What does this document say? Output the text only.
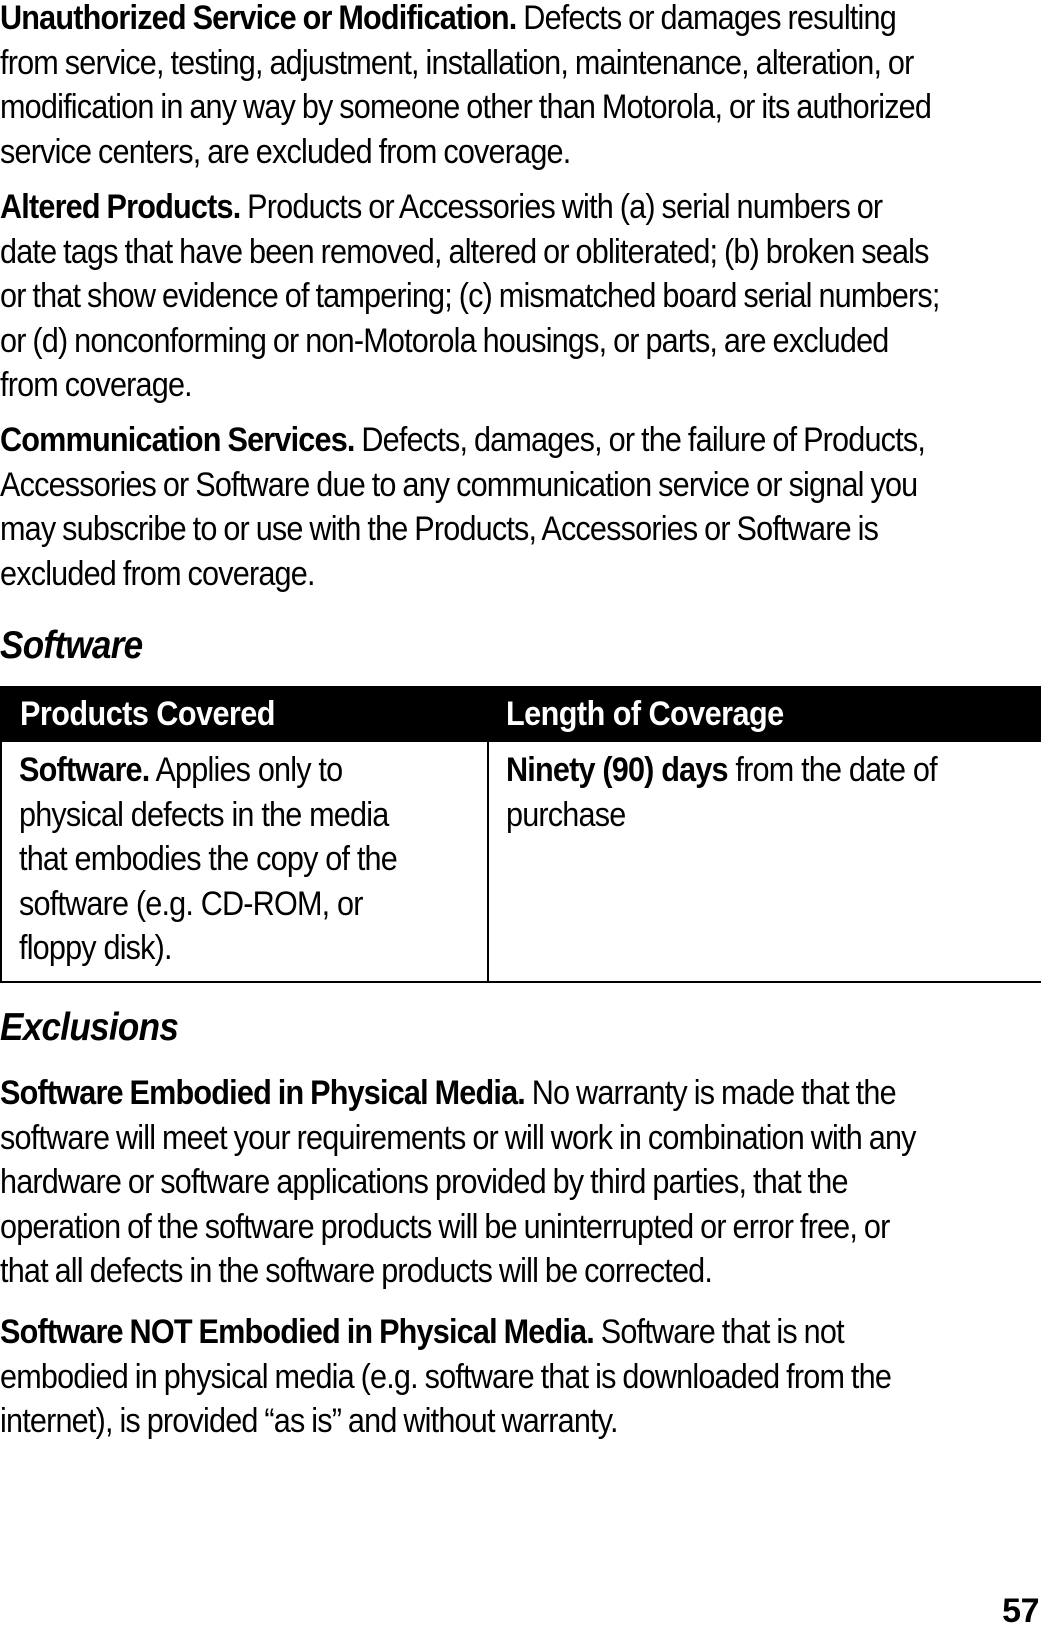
Unauthorized Service or Modification. Defects or damages resulting from service, testing, adjustment, installation, maintenance, alteration, or modification in any way by someone other than Motorola, or its authorized service centers, are excluded from coverage.

Altered Products. Products or Accessories with (a) serial numbers or date tags that have been removed, altered or obliterated; (b) broken seals or that show evidence of tampering; (c) mismatched board serial numbers; or (d) nonconforming or non-Motorola housings, or parts, are excluded from coverage.

Communication Services. Defects, damages, or the failure of Products, Accessories or Software due to any communication service or signal you may subscribe to or use with the Products, Accessories or Software is excluded from coverage.

Software
Products Covered	Length of Coverage

Software. Applies only to physical defects in the media that embodies the copy of the software (e.g. CD-ROM, or floppy disk).	Ninety (90) days from the date of purchase
Exclusions

Software Embodied in Physical Media. No warranty is made that the software will meet your requirements or will work in combination with any hardware or software applications provided by third parties, that the operation of the software products will be uninterrupted or error free, or that all defects in the software products will be corrected.

Software NOT Embodied in Physical Media. Software that is not embodied in physical media (e.g. software that is downloaded from the internet), is provided “as is” and without warranty.

57
